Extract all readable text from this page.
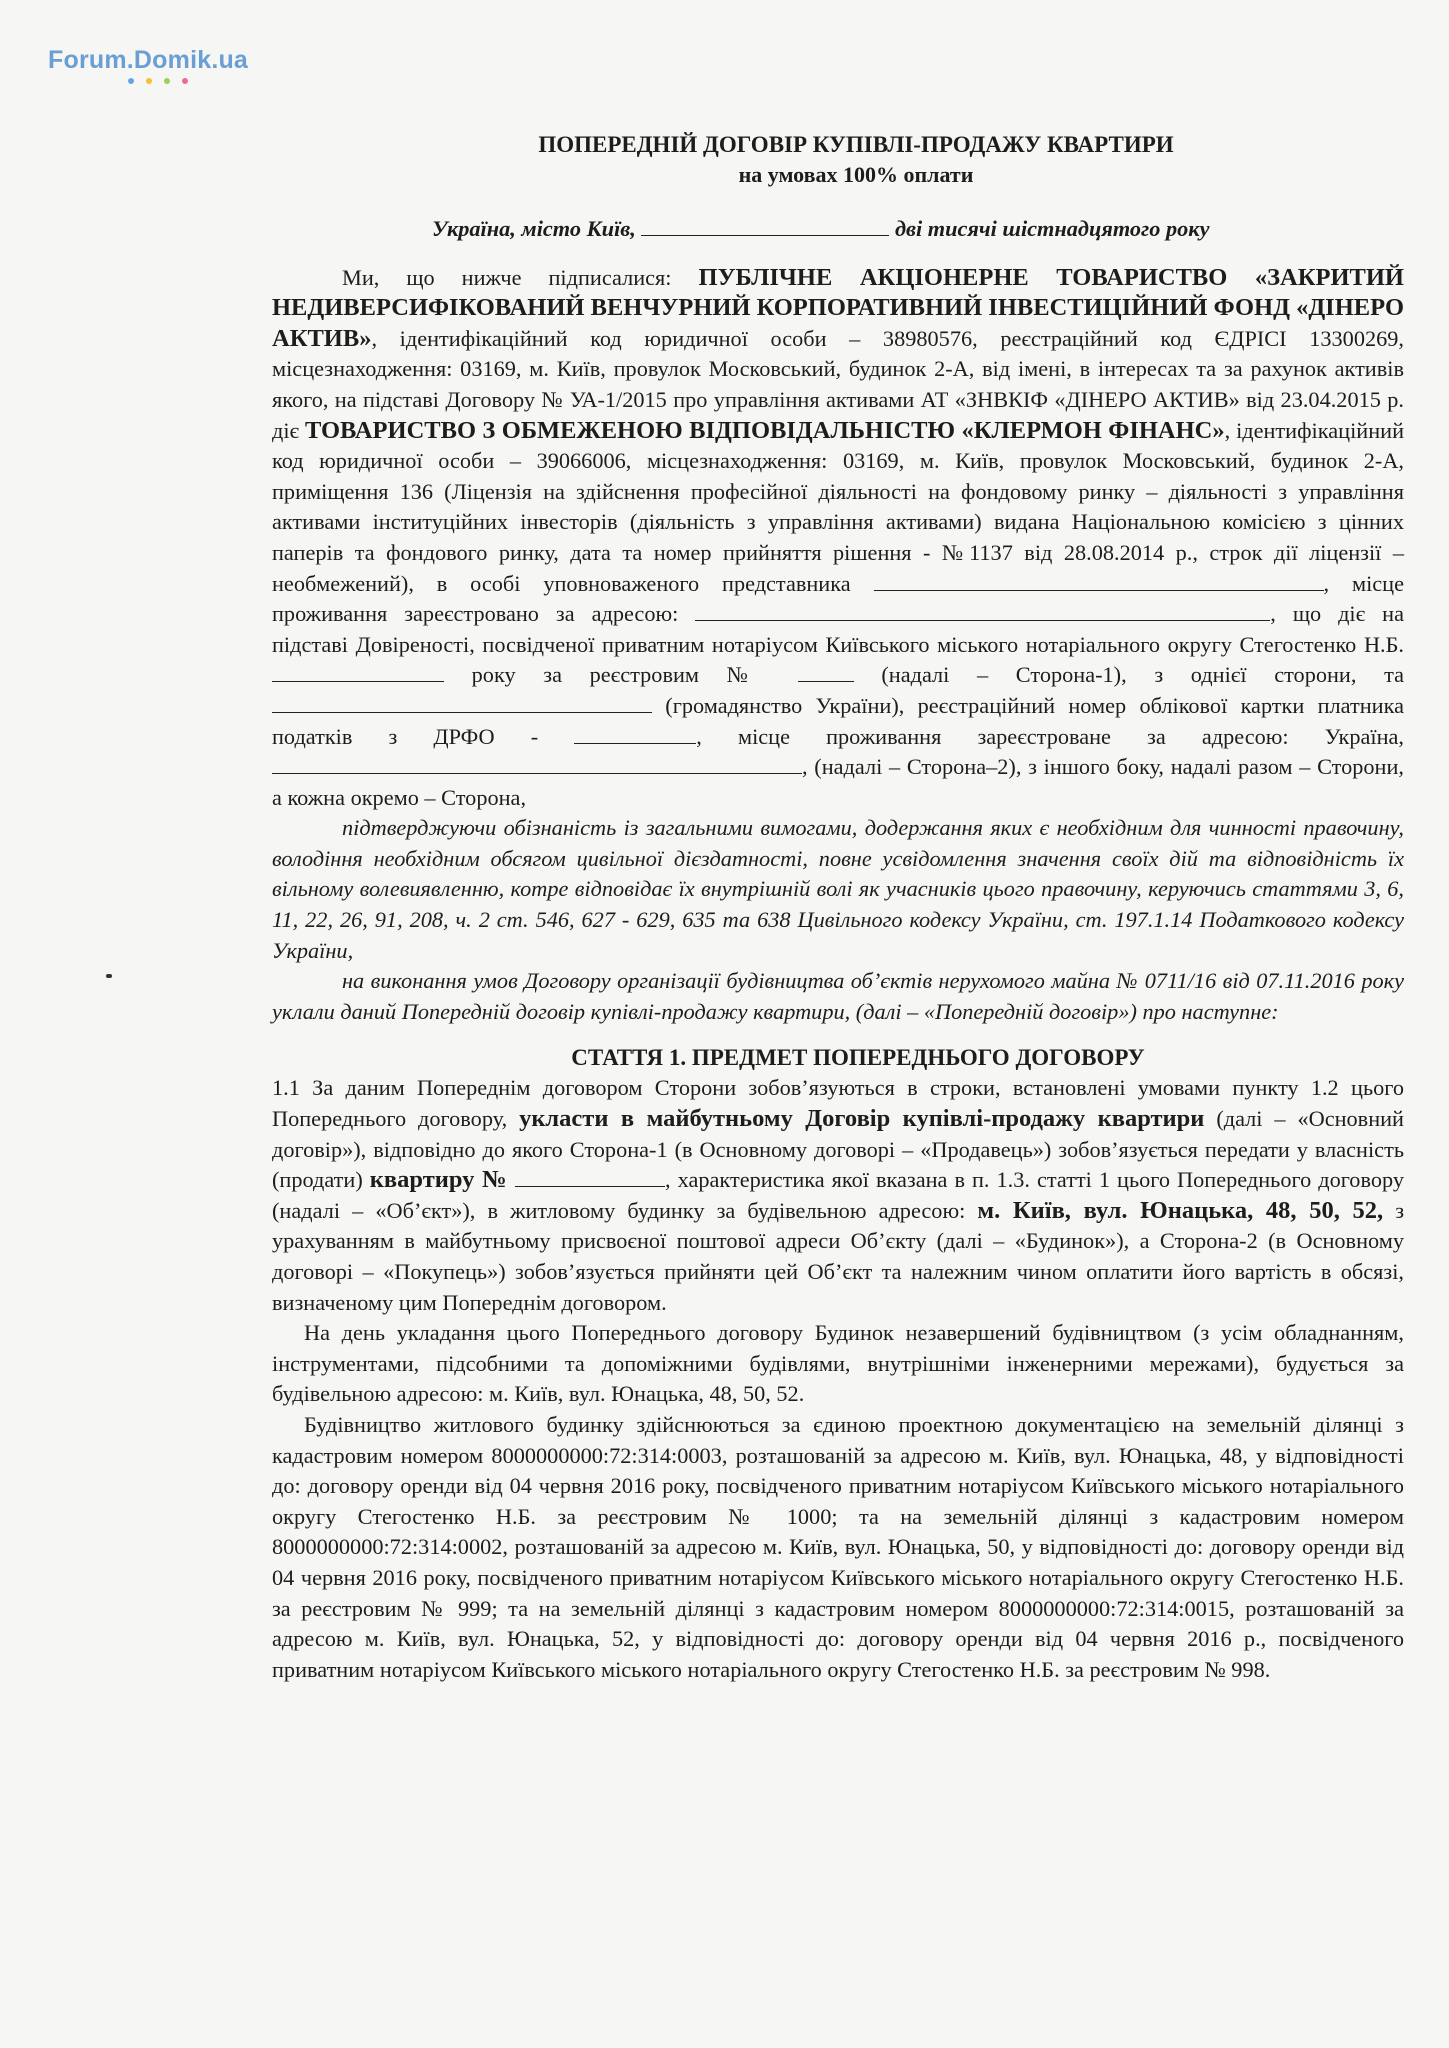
Forum.Domik.ua
ПОПЕРЕДНІЙ ДОГОВІР КУПІВЛІ-ПРОДАЖУ КВАРТИРИ
на умовах 100% оплати
Україна, місто Київ,	дві тисячі шістнадцятого року

Ми, що нижче підписалися: ПУБЛІЧНЕ АКЦІОНЕРНЕ ТОВАРИСТВО «ЗАКРИТИЙ НЕДИВЕРСИФІКОВАНИЙ ВЕНЧУРНИЙ КОРПОРАТИВНИЙ ІНВЕСТИЦІЙНИЙ ФОНД «ДІНЕРО АКТИВ», ідентифікаційний код юридичної особи – 38980576, реєстраційний код ЄДРІСІ 13300269, місцезнаходження: 03169, м. Київ, провулок Московський, будинок 2-А, від імені, в інтересах та за рахунок активів якого, на підставі Договору № УА-1/2015 про управління активами АТ «ЗНВКІФ «ДІНЕРО АКТИВ» від 23.04.2015 р. діє ТОВАРИСТВО З ОБМЕЖЕНОЮ ВІДПОВІДАЛЬНІСТЮ «КЛЕРМОН ФІНАНС», ідентифікаційний код юридичної особи – 39066006, місцезнаходження: 03169, м. Київ, провулок Московський, будинок 2-А, приміщення 136 (Ліцензія на здійснення професійної діяльності на фондовому ринку – діяльності з управління активами інституційних інвесторів (діяльність з управління активами) видана Національною комісією з цінних паперів та фондового ринку, дата та номер прийняття рішення - №1137 від 28.08.2014 р., строк дії ліцензії – необмежений), в особі уповноваженого представника	, місце проживання зареєстровано за адресою:	, що діє на підставі Довіреності, посвідченої приватним нотаріусом Київського міського нотаріального округу Стегостенко Н.Б.  року за реєстровим №	(надалі – Сторона-1), з однієї сторони, та  (громадянство України), реєстраційний номер облікової картки платника податків з ДРФО -	, місце проживання зареєстроване за адресою: Україна, , (надалі – Сторона–2), з іншого боку, надалі разом – Сторони, а кожна окремо – Сторона,

підтверджуючи обізнаність із загальними вимогами, додержання яких є необхідним для чинності правочину, володіння необхідним обсягом цивільної дієздатності, повне усвідомлення значення своїх дій та відповідність їх вільному волевиявленню, котре відповідає їх внутрішній волі як учасників цього правочину, керуючись статтями 3, 6, 11, 22, 26, 91, 208, ч. 2 ст. 546, 627 - 629, 635 та 638 Цивільного кодексу України, ст. 197.1.14 Податкового кодексу України,

на виконання умов Договору організації будівництва об’єктів нерухомого майна № 0711/16 від 07.11.2016 року уклали даний Попередній договір купівлі-продажу квартири, (далі – «Попередній договір») про наступне:

СТАТТЯ 1. ПРЕДМЕТ ПОПЕРЕДНЬОГО ДОГОВОРУ

1.1 За даним Попереднім договором Сторони зобов’язуються в строки, встановлені умовами пункту 1.2 цього Попереднього договору, укласти в майбутньому Договір купівлі-продажу квартири (далі – «Основний договір»), відповідно до якого Сторона-1 (в Основному договорі – «Продавець») зобов’язується передати у власність (продати) квартиру №	, характеристика якої вказана в п. 1.3. статті 1 цього Попереднього договору (надалі – «Об’єкт»), в житловому будинку за будівельною адресою: м. Київ, вул. Юнацька, 48, 50, 52, з урахуванням в майбутньому присвоєної поштової адреси Об’єкту (далі – «Будинок»), а Сторона-2 (в Основному договорі – «Покупець») зобов’язується прийняти цей Об’єкт та належним чином оплатити його вартість в обсязі, визначеному цим Попереднім договором.

На день укладання цього Попереднього договору Будинок незавершений будівництвом (з усім обладнанням, інструментами, підсобними та допоміжними будівлями, внутрішніми інженерними мережами), будується за будівельною адресою: м. Київ, вул. Юнацька, 48, 50, 52.

Будівництво житлового будинку здійснюються за єдиною проектною документацією на земельній ділянці з кадастровим номером 8000000000:72:314:0003, розташованій за адресою м. Київ, вул. Юнацька, 48, у відповідності до: договору оренди від 04 червня 2016 року, посвідченого приватним нотаріусом Київського міського нотаріального округу Стегостенко Н.Б. за реєстровим № 1000; та на земельній ділянці з кадастровим номером 8000000000:72:314:0002, розташованій за адресою м. Київ, вул. Юнацька, 50, у відповідності до: договору оренди від 04 червня 2016 року, посвідченого приватним нотаріусом Київського міського нотаріального округу Стегостенко Н.Б. за реєстровим № 999; та на земельній ділянці з кадастровим номером 8000000000:72:314:0015, розташованій за адресою м. Київ, вул. Юнацька, 52, у відповідності до: договору оренди від 04 червня 2016 р., посвідченого приватним нотаріусом Київського міського нотаріального округу Стегостенко Н.Б. за реєстровим № 998.
